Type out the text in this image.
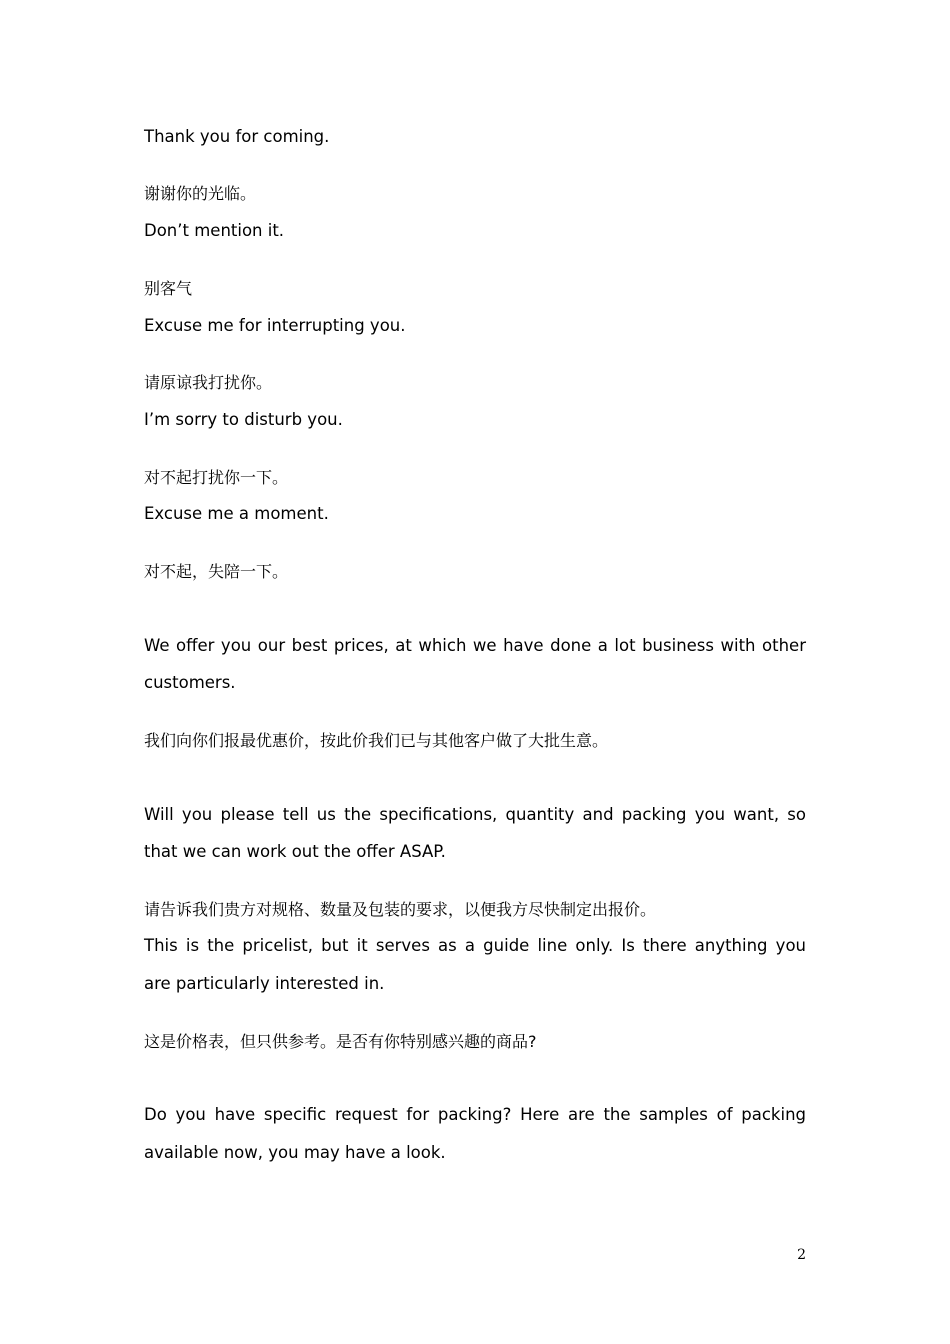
Thank you for coming.
谢谢你的光临。
Don’t mention it.
别客气
Excuse me for interrupting you.
请原谅我打扰你。
I’m sorry to disturb you.
对不起打扰你一下。
Excuse me a moment.
对不起，失陪一下。
We offer you our best prices, at which we have done a lot business with other
customers.
我们向你们报最优惠价，按此价我们已与其他客户做了大批生意。
Will you please tell us the specifications, quantity and packing you want, so
that we can work out the offer ASAP.
请告诉我们贵方对规格、数量及包装的要求，以便我方尽快制定出报价。
This is the pricelist, but it serves as a guide line only. Is there anything you
are particularly interested in.
这是价格表，但只供参考。是否有你特别感兴趣的商品?
Do you have specific request for packing? Here are the samples of packing
available now, you may have a look.
2
